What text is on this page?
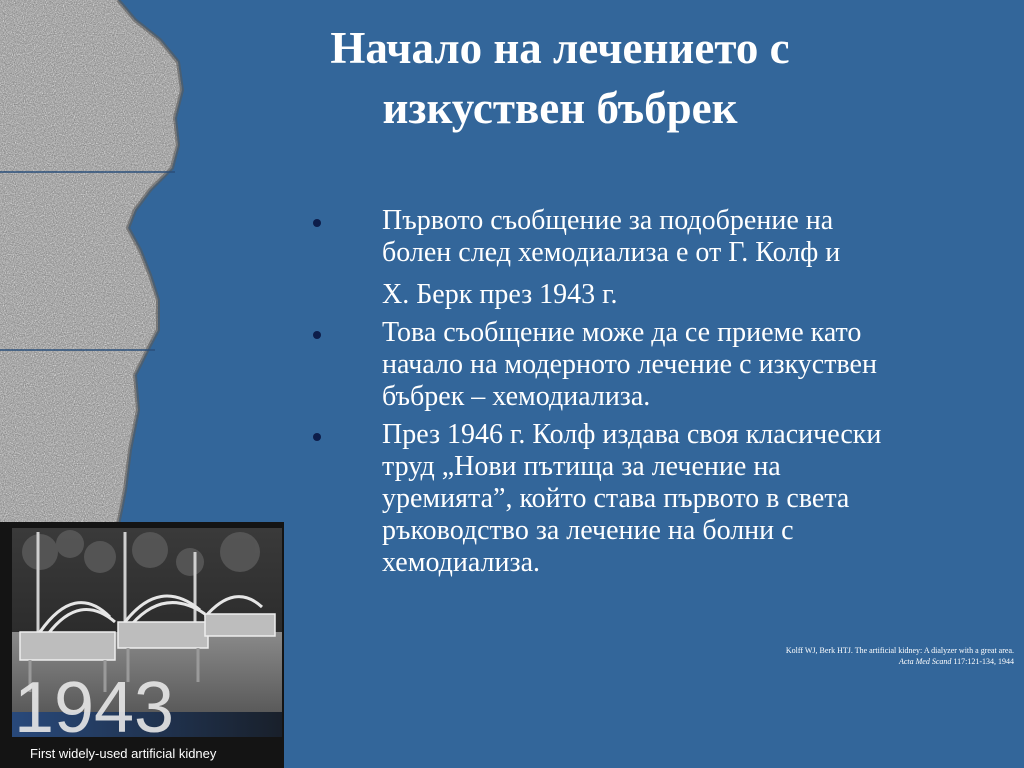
Начало на лечението с
изкуствен бъбрек
Първото съобщение за подобрение на
болен след хемодиализа е от Г. Колф и
Х. Берк през 1943 г.
Това съобщение може да се приеме като
начало на модерното лечение с изкуствен
бъбрек – хемодиализа.
През 1946 г. Колф издава своя класически
труд „Нови пътища за лечение на
уремията”, който става първото в света
ръководство за лечение на болни с
хемодиализа.
Kolff WJ, Berk HTJ. The artificial kidney: A dialyzer with a great area.
Acta Med Scand 117:121-134, 1944
1943
First widely-used artificial kidney
